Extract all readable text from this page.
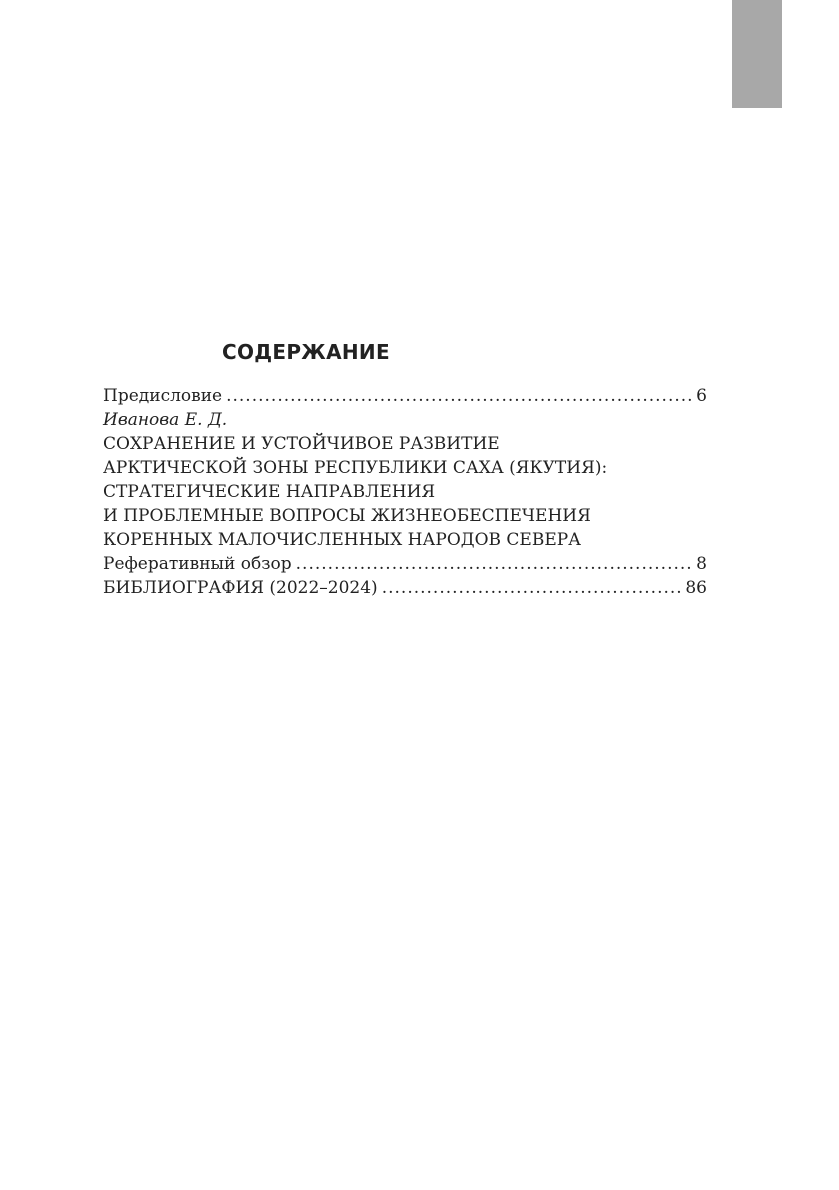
СОДЕРЖАНИЕ
Предисловие .....	6
Иванова Е. Д.
СОХРАНЕНИЕ И УСТОЙЧИВОЕ РАЗВИТИЕ
АРКТИЧЕСКОЙ ЗОНЫ РЕСПУБЛИКИ САХА (ЯКУТИЯ):
СТРАТЕГИЧЕСКИЕ НАПРАВЛЕНИЯ
И ПРОБЛЕМНЫЕ ВОПРОСЫ ЖИЗНЕОБЕСПЕЧЕНИЯ
КОРЕННЫХ МАЛОЧИСЛЕННЫХ НАРОДОВ СЕВЕРА
Реферативный обзор .....	8
БИБЛИОГРАФИЯ (2022–2024) .....	86
